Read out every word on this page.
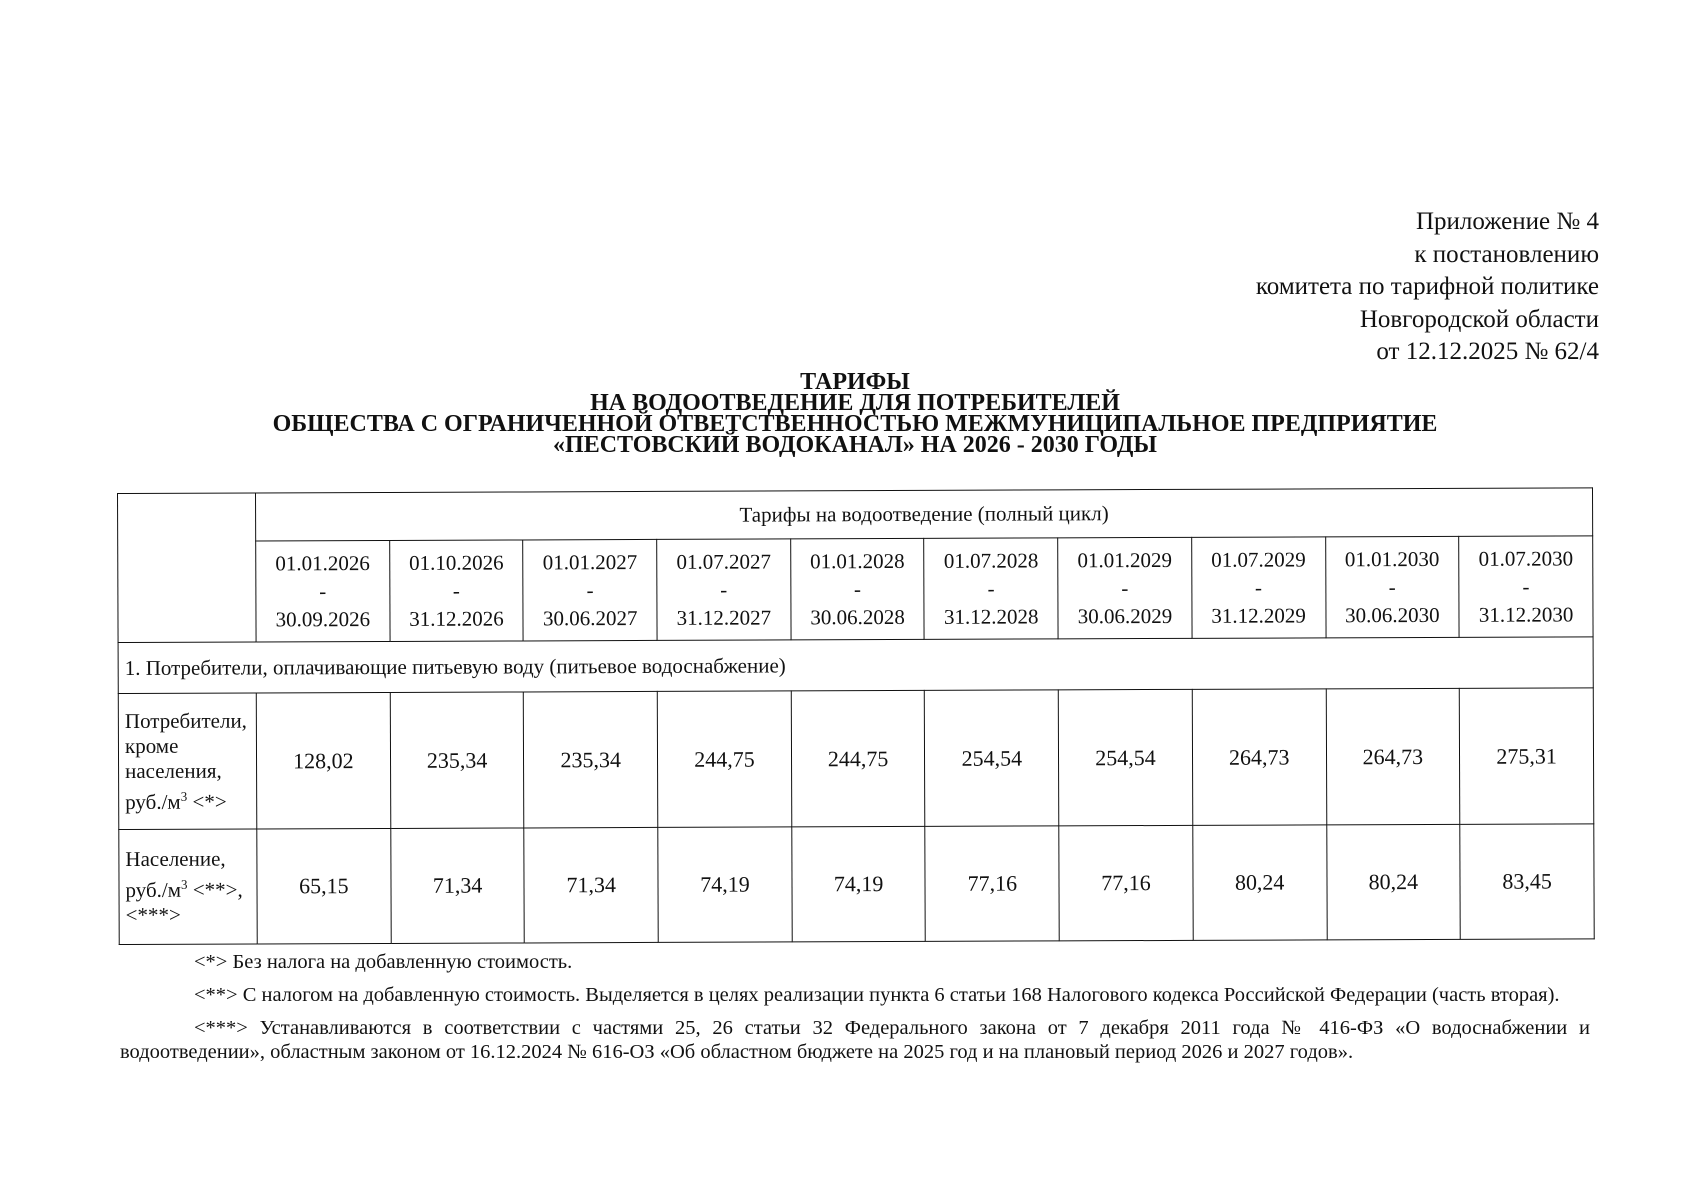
Приложение № 4
к постановлению
комитета по тарифной политике
Новгородской области
от 12.12.2025 № 62/4
ТАРИФЫ
НА ВОДООТВЕДЕНИЕ ДЛЯ ПОТРЕБИТЕЛЕЙ
ОБЩЕСТВА С ОГРАНИЧЕННОЙ ОТВЕТСТВЕННОСТЬЮ МЕЖМУНИЦИПАЛЬНОЕ ПРЕДПРИЯТИЕ
«ПЕСТОВСКИЙ ВОДОКАНАЛ» НА 2026 - 2030 ГОДЫ
	Тарифы на водоотведение (полный цикл)									

	01.01.2026
-
30.09.2026	01.10.2026
-
31.12.2026	01.01.2027
-
30.06.2027	01.07.2027
-
31.12.2027	01.01.2028
-
30.06.2028	01.07.2028
-
31.12.2028	01.01.2029
-
30.06.2029	01.07.2029
-
31.12.2029	01.01.2030
-
30.06.2030	01.07.2030
-
31.12.2030

1. Потребители, оплачивающие питьевую воду (питьевое водоснабжение)										
Потребители, кроме населения, $руб./м^3$ <*>	128,02	235,34	235,34	244,75	244,75	254,54	254,54	264,73	264,73	275,31
Население, $руб./м^3$ <**>, <***>	65,15	71,34	71,34	74,19	74,19	77,16	77,16	80,24	80,24	83,45

<*> Без налога на добавленную стоимость.

<**> С налогом на добавленную стоимость. Выделяется в целях реализации пункта 6 статьи 168 Налогового кодекса Российской Федерации (часть вторая).

<***> Устанавливаются в соответствии с частями 25, 26 статьи 32 Федерального закона от 7 декабря 2011 года № 416-ФЗ «О водоснабжении и водоотведении», областным законом от 16.12.2024 № 616-ОЗ «Об областном бюджете на 2025 год и на плановый период 2026 и 2027 годов».
